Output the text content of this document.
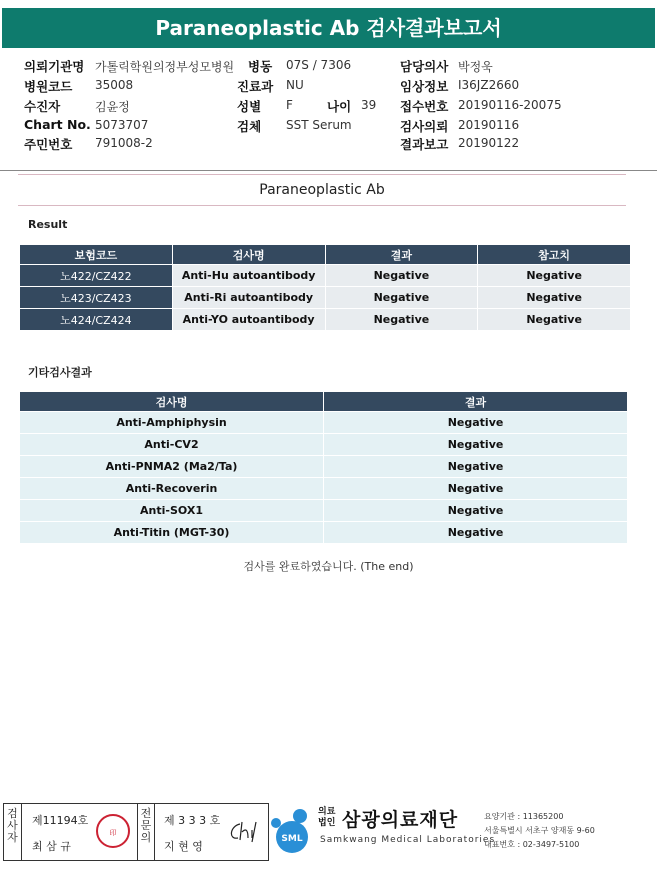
Paraneoplastic Ab 검사결과보고서
의뢰기관명 가톨릭학원의정부성모병원 병동 07S / 7306	담당의사 박정욱
병원코드 35008	진료과 NU	임상정보 I36JZ2660
수진자	김윤정	성별 F	나이 39 접수번호 20190116-20075
Chart No. 5073707	검체 SST Serum	검사의뢰 20190116
주민번호 791008-2	결과보고 20190122
Paraneoplastic Ab
Result
보험코드	검사명	결과	참고치
노422/CZ422	Anti-Hu autoantibody	Negative	Negative
노423/CZ423	Anti-Ri autoantibody	Negative	Negative
노424/CZ424	Anti-YO autoantibody	Negative	Negative
기타검사결과
검사명	결과
Anti-Amphiphysin	Negative
Anti-CV2	Negative
Anti-PNMA2 (Ma2/Ta)	Negative
Anti-Recoverin	Negative
Anti-SOX1	Negative
Anti-Titin (MGT-30)	Negative
검사를 완료하였습니다. (The end)
검사자
제11194호
최 삼 규
印
전문의
제 3 3 3 호
지 현 영
SML
의료
법인 삼광의료재단
Samkwang Medical Laboratories
요양기관 : 11365200
서울특별시 서초구 양재동 9-60
대표번호 : 02-3497-5100
